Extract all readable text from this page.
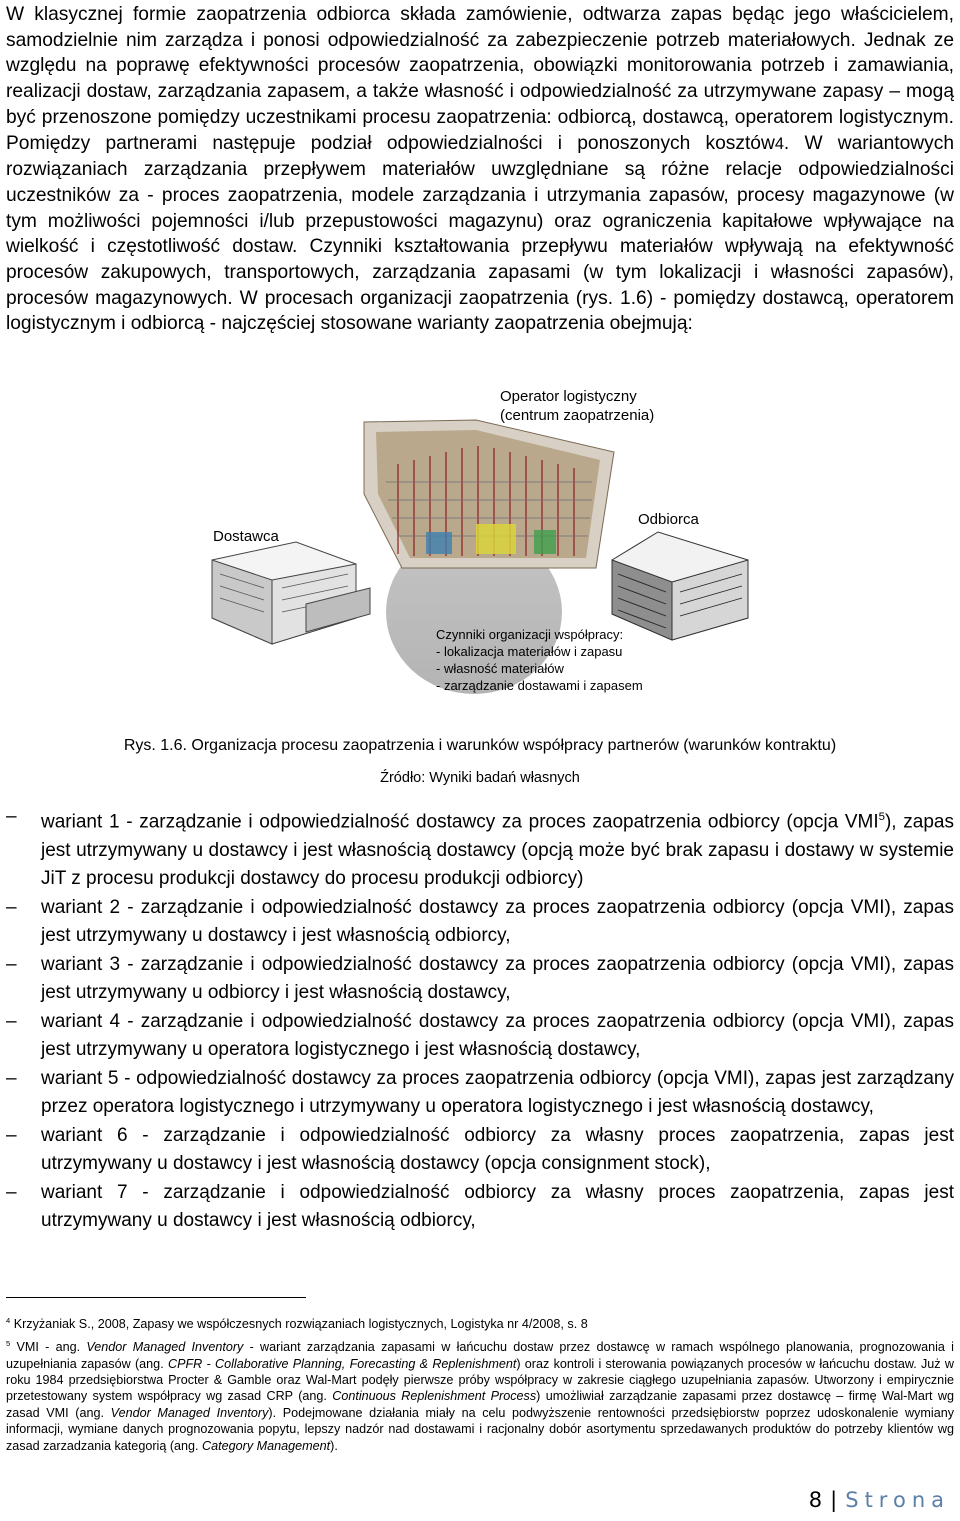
W klasycznej formie zaopatrzenia odbiorca składa zamówienie, odtwarza zapas będąc jego właścicielem, samodzielnie nim zarządza i ponosi odpowiedzialność za zabezpieczenie potrzeb materiałowych. Jednak ze względu na poprawę efektywności procesów zaopatrzenia, obowiązki monitorowania potrzeb i zamawiania, realizacji dostaw, zarządzania zapasem, a także własność i odpowiedzialność za utrzymywane zapasy – mogą być przenoszone pomiędzy uczestnikami procesu zaopatrzenia: odbiorcą, dostawcą, operatorem logistycznym. Pomiędzy partnerami następuje podział odpowiedzialności i ponoszonych kosztów4. W wariantowych rozwiązaniach zarządzania przepływem materiałów uwzględniane są różne relacje odpowiedzialności uczestników za - proces zaopatrzenia, modele zarządzania i utrzymania zapasów, procesy magazynowe (w tym możliwości pojemności i/lub przepustowości magazynu) oraz ograniczenia kapitałowe wpływające na wielkość i częstotliwość dostaw. Czynniki kształtowania przepływu materiałów wpływają na efektywność procesów zakupowych, transportowych, zarządzania zapasami (w tym lokalizacji i własności zapasów), procesów magazynowych. W procesach organizacji zaopatrzenia (rys. 1.6) - pomiędzy dostawcą, operatorem logistycznym i odbiorcą - najczęściej stosowane warianty zaopatrzenia obejmują:

Operator logistyczny
(centrum zaopatrzenia)
Dostawca
Odbiorca
Czynniki organizacji współpracy:
- lokalizacja materiałów i zapasu
- własność materiałów
- zarządzanie dostawami i zapasem
Rys. 1.6. Organizacja procesu zaopatrzenia i warunków współpracy partnerów (warunków kontraktu)
Źródło: Wyniki badań własnych
–	wariant 1 - zarządzanie i odpowiedzialność dostawcy za proces zaopatrzenia odbiorcy (opcja VMI$^5$), zapas jest utrzymywany u dostawcy i jest własnością dostawcy (opcją może być brak zapasu i dostawy w systemie JiT z procesu produkcji dostawcy do procesu produkcji odbiorcy)
–	wariant 2 - zarządzanie i odpowiedzialność dostawcy za proces zaopatrzenia odbiorcy (opcja VMI), zapas jest utrzymywany u dostawcy i jest własnością odbiorcy,
–	wariant 3 - zarządzanie i odpowiedzialność dostawcy za proces zaopatrzenia odbiorcy (opcja VMI), zapas jest utrzymywany u odbiorcy i jest własnością dostawcy,
–	wariant 4 - zarządzanie i odpowiedzialność dostawcy za proces zaopatrzenia odbiorcy (opcja VMI), zapas jest utrzymywany u operatora logistycznego i jest własnością dostawcy,
–	wariant 5 - odpowiedzialność dostawcy za proces zaopatrzenia odbiorcy (opcja VMI), zapas jest zarządzany przez operatora logistycznego i utrzymywany u operatora logistycznego i jest własnością dostawcy,
–	wariant 6 - zarządzanie i odpowiedzialność odbiorcy za własny proces zaopatrzenia, zapas jest utrzymywany u dostawcy i jest własnością dostawcy (opcja consignment stock),
–	wariant 7 - zarządzanie i odpowiedzialność odbiorcy za własny proces zaopatrzenia, zapas jest utrzymywany u dostawcy i jest własnością odbiorcy,

$^4$ Krzyżaniak S., 2008, Zapasy we współczesnych rozwiązaniach logistycznych, Logistyka nr 4/2008, s. 8

$^5$ VMI - ang. Vendor Managed Inventory - wariant zarządzania zapasami w łańcuchu dostaw przez dostawcę w ramach wspólnego planowania, prognozowania i uzupełniania zapasów (ang. CPFR - Collaborative Planning, Forecasting & Replenishment) oraz kontroli i sterowania powiązanych procesów w łańcuchu dostaw. Już w roku 1984 przedsiębiorstwa Procter & Gamble oraz Wal-Mart podęły pierwsze próby współpracy w zakresie ciągłego uzupełniania zapasów. Utworzony i empirycznie przetestowany system współpracy wg zasad CRP (ang. Continuous Replenishment Process) umożliwiał zarządzanie zapasami przez dostawcę – firmę Wal-Mart wg zasad VMI (ang. Vendor Managed Inventory). Podejmowane działania miały na celu podwyższenie rentowności przedsiębiorstw poprzez udoskonalenie wymiany informacji, wymiane danych prognozowania popytu, lepszy nadzór nad dostawami i racjonalny dobór asortymentu sprzedawanych produktów do potrzeby klientów wg zasad zarzadzania kategorią (ang. Category Management).

8 | Strona
